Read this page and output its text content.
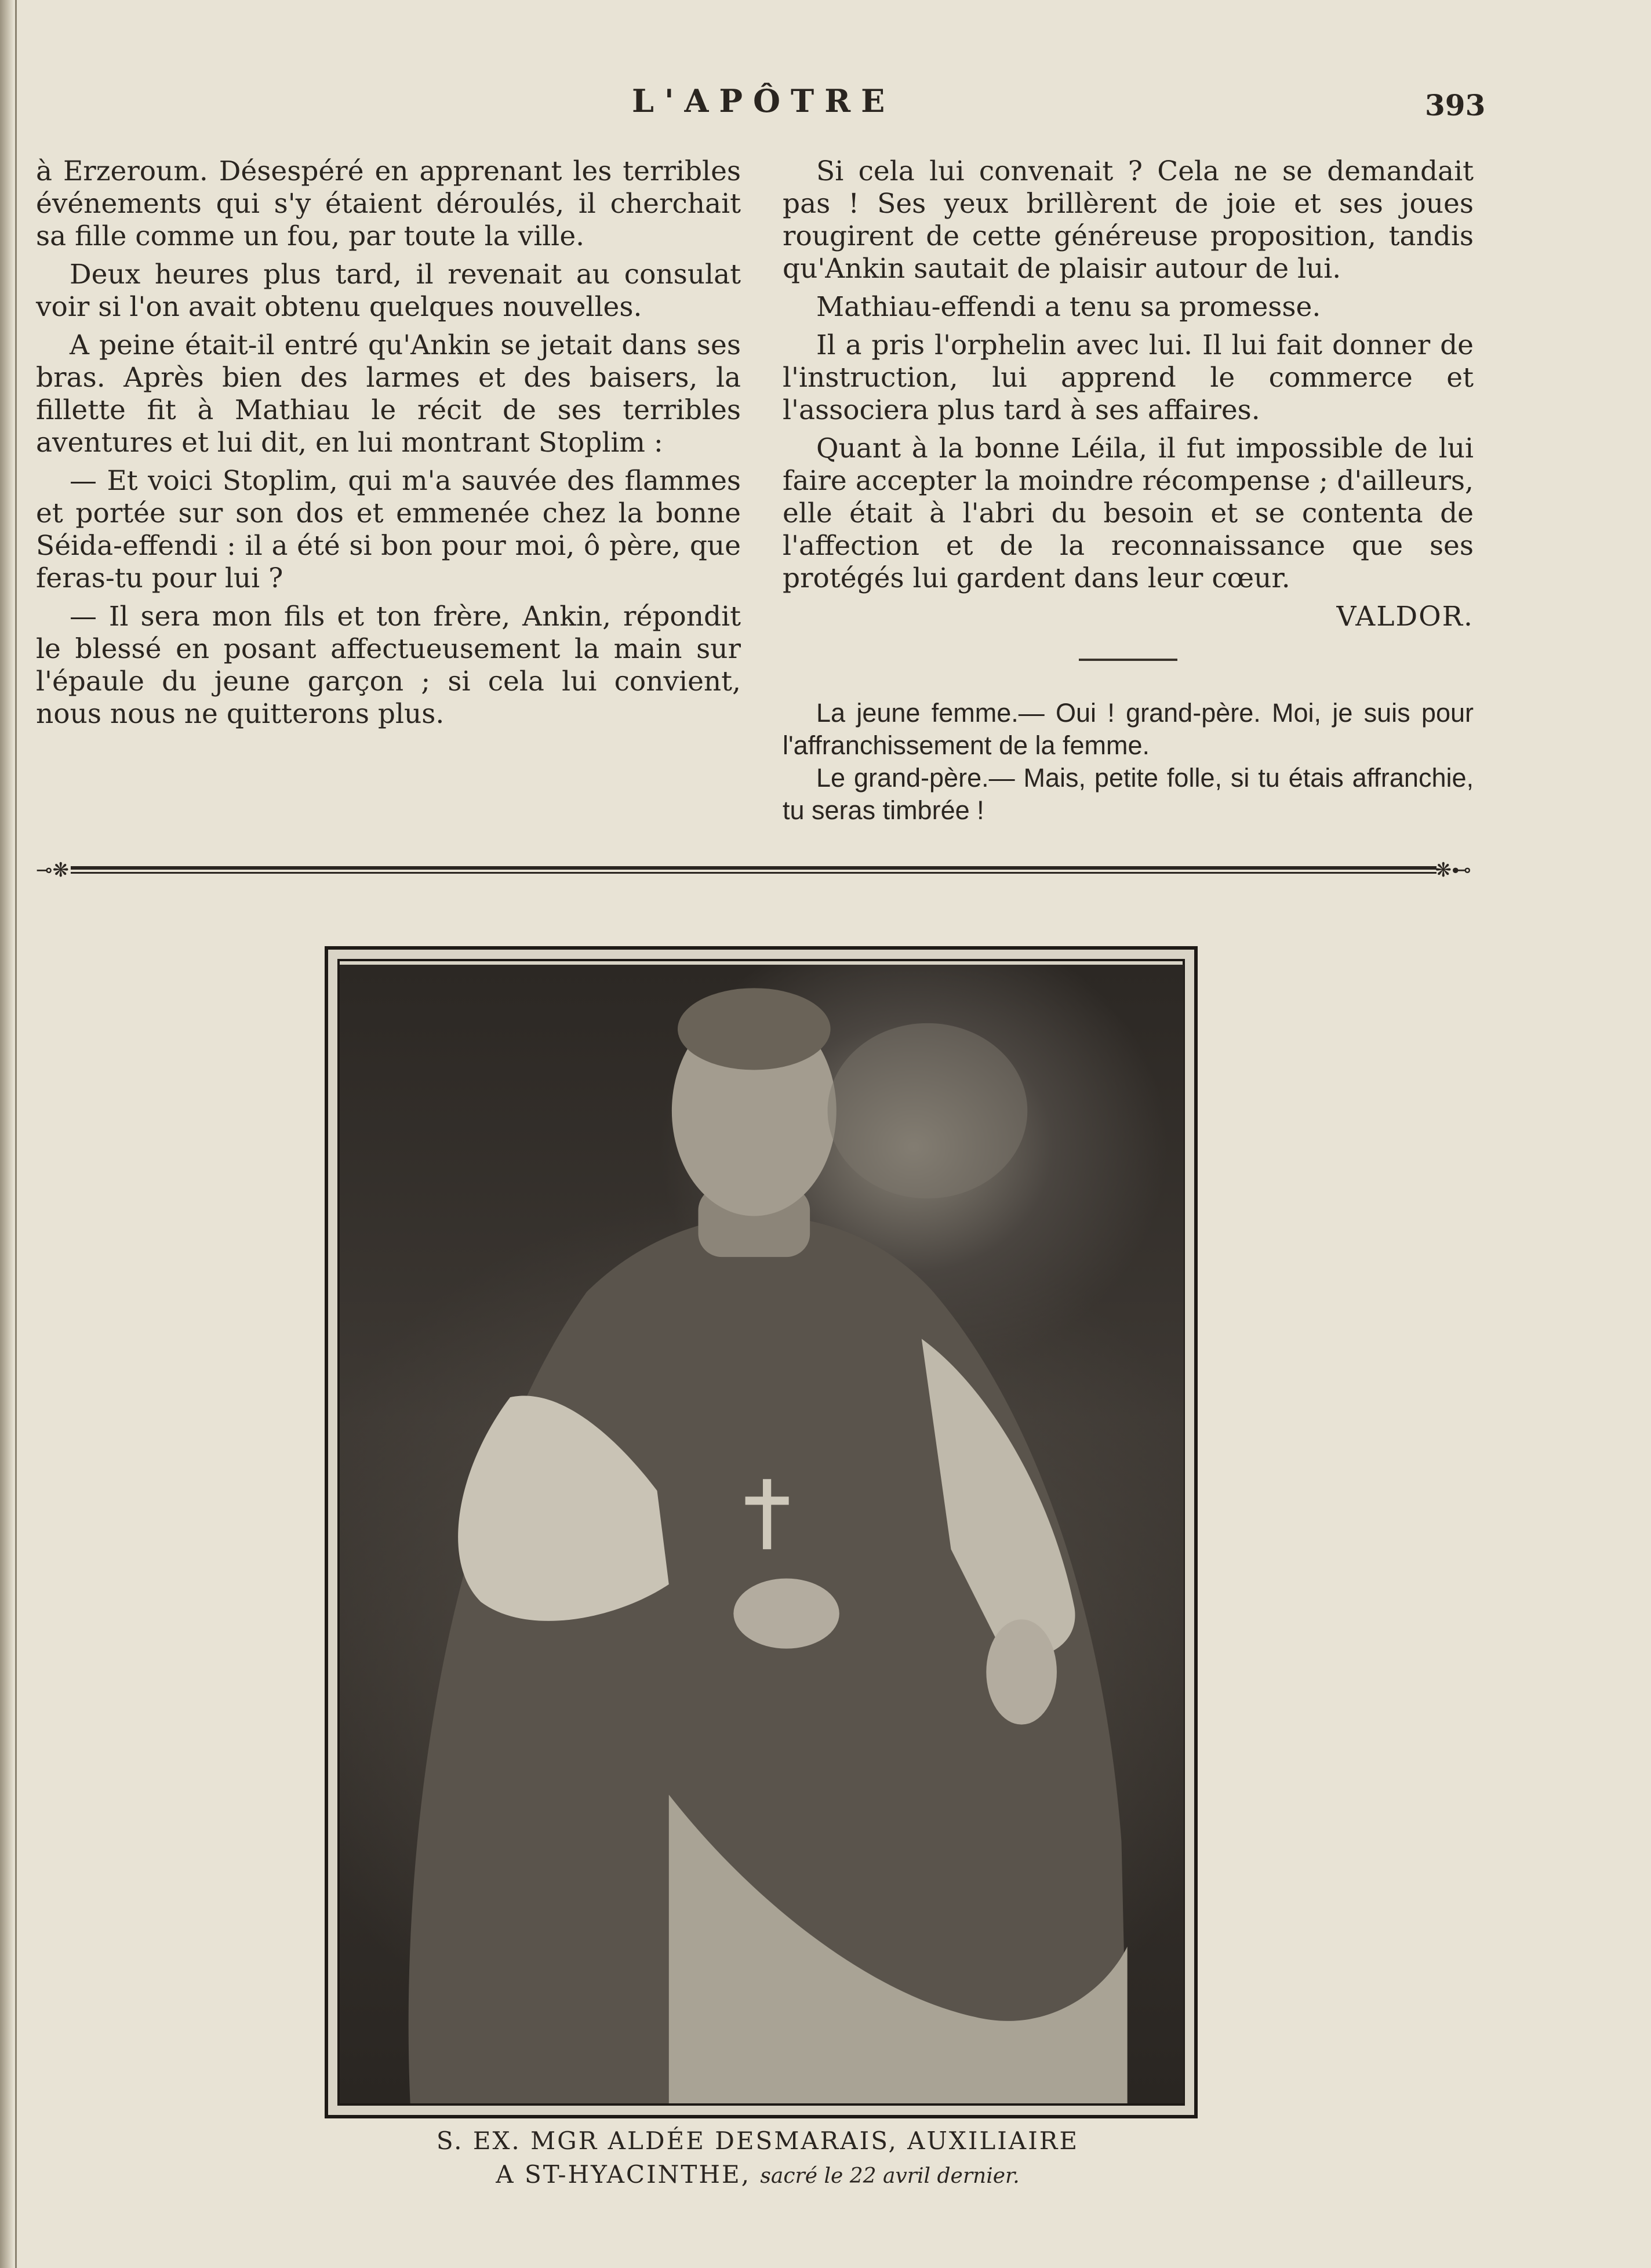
L'APÔTRE	393

à Erzeroum. Désespéré en apprenant les terribles événements qui s'y étaient déroulés, il cherchait sa fille comme un fou, par toute la ville.

Deux heures plus tard, il revenait au consulat voir si l'on avait obtenu quelques nouvelles.

A peine était-il entré qu'Ankin se jetait dans ses bras. Après bien des larmes et des baisers, la fillette fit à Mathiau le récit de ses terribles aventures et lui dit, en lui montrant Stoplim :

— Et voici Stoplim, qui m'a sauvée des flammes et portée sur son dos et emmenée chez la bonne Séida-effendi : il a été si bon pour moi, ô père, que feras-tu pour lui ?

— Il sera mon fils et ton frère, Ankin, répondit le blessé en posant affectueusement la main sur l'épaule du jeune garçon ; si cela lui convient, nous nous ne quitterons plus.

Si cela lui convenait ? Cela ne se demandait pas ! Ses yeux brillèrent de joie et ses joues rougirent de cette généreuse proposition, tandis qu'Ankin sautait de plaisir autour de lui.

Mathiau-effendi a tenu sa promesse.

Il a pris l'orphelin avec lui. Il lui fait donner de l'instruction, lui apprend le commerce et l'associera plus tard à ses affaires.

Quant à la bonne Léila, il fut impossible de lui faire accepter la moindre récompense ; d'ailleurs, elle était à l'abri du besoin et se contenta de l'affection et de la reconnaissance que ses protégés lui gardent dans leur cœur.

VALDOR.

La jeune femme.— Oui ! grand-père. Moi, je suis pour l'affranchissement de la femme.

Le grand-père.— Mais, petite folle, si tu étais affranchie, tu seras timbrée !

⊸❋	❋⊷
S. EX. MGR ALDÉE DESMARAIS, AUXILIAIRE
A ST-HYACINTHE, sacré le 22 avril dernier.
